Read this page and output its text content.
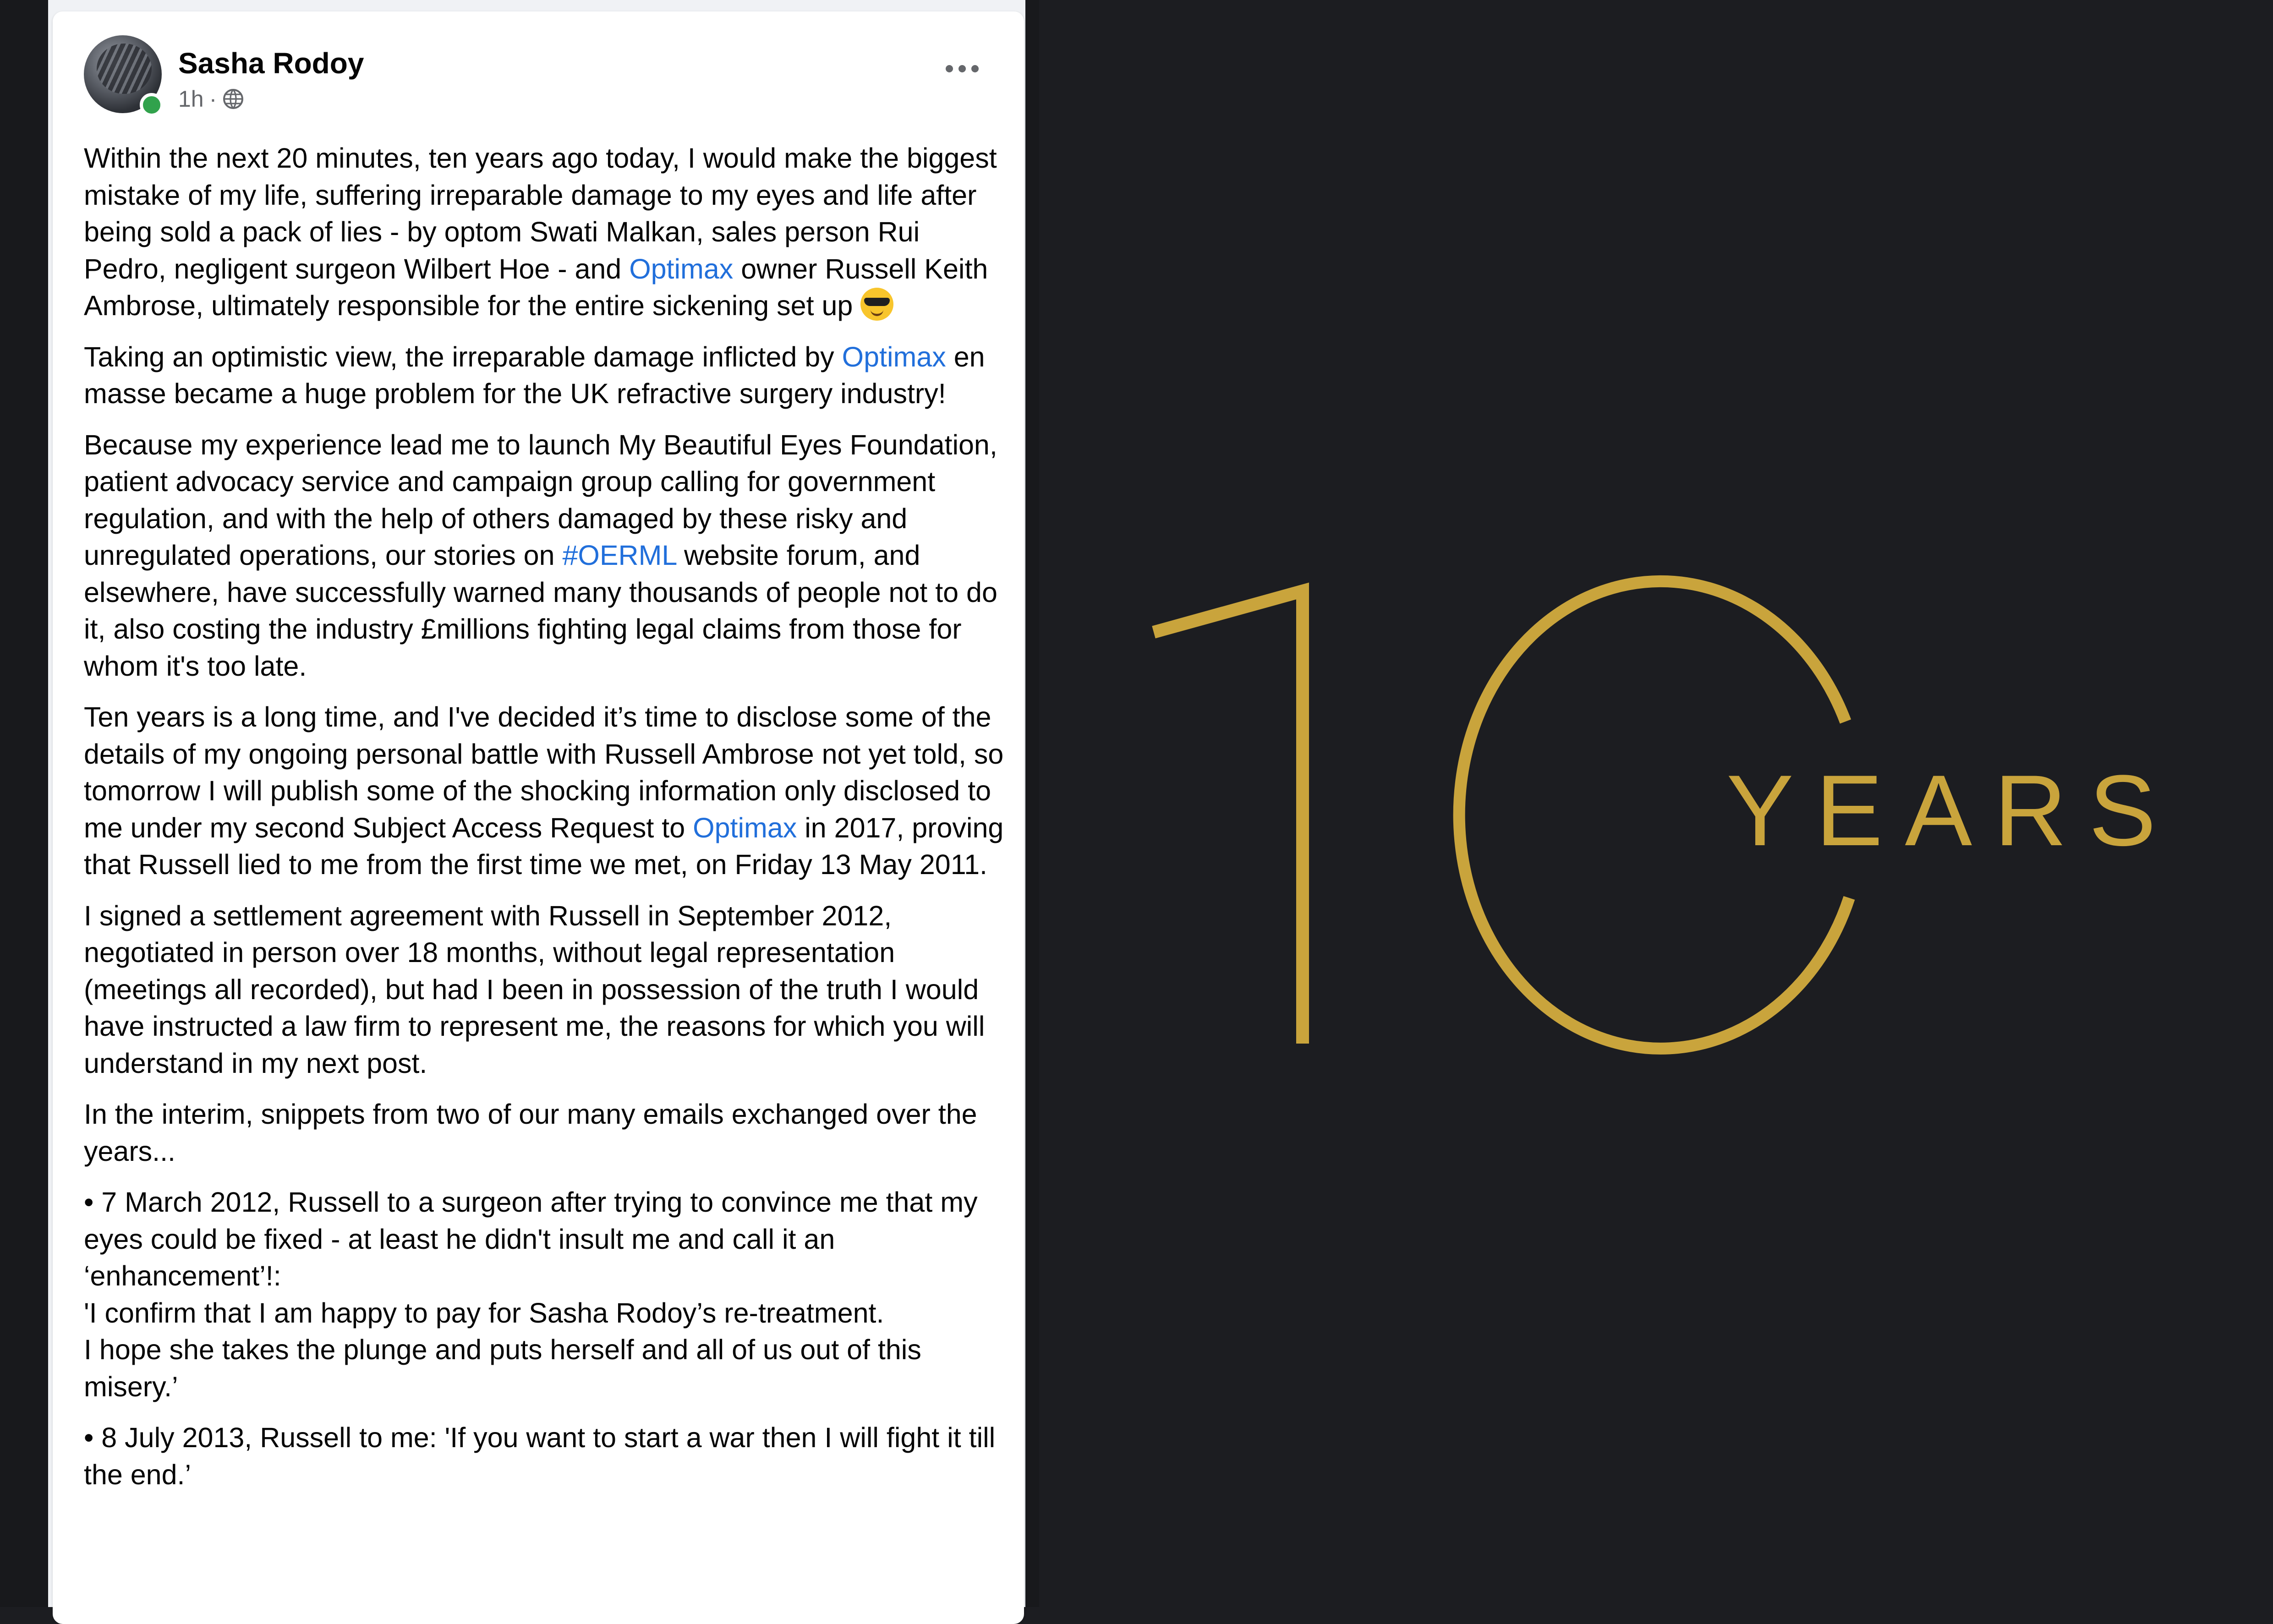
Sasha Rodoy
1h ·

Within the next 20 minutes, ten years ago today, I would make the biggest mistake of my life, suffering irreparable damage to my eyes and life after being sold a pack of lies - by optom Swati Malkan, sales person Rui Pedro, negligent surgeon Wilbert Hoe - and Optimax owner Russell Keith Ambrose, ultimately responsible for the entire sickening set up

Taking an optimistic view, the irreparable damage inflicted by Optimax en masse became a huge problem for the UK refractive surgery industry!

Because my experience lead me to launch My Beautiful Eyes Foundation, patient advocacy service and campaign group calling for government regulation, and with the help of others damaged by these risky and unregulated operations, our stories on #OERML website forum, and elsewhere, have successfully warned many thousands of people not to do it, also costing the industry £millions fighting legal claims from those for whom it's too late.

Ten years is a long time, and I've decided it’s time to disclose some of the details of my ongoing personal battle with Russell Ambrose not yet told, so tomorrow I will publish some of the shocking information only disclosed to me under my second Subject Access Request to Optimax in 2017, proving that Russell lied to me from the first time we met, on Friday 13 May 2011.

I signed a settlement agreement with Russell in September 2012, negotiated in person over 18 months, without legal representation (meetings all recorded), but had I been in possession of the truth I would have instructed a law firm to represent me, the reasons for which you will understand in my next post.

In the interim, snippets from two of our many emails exchanged over the years...

• 7 March 2012, Russell to a surgeon after trying to convince me that my eyes could be fixed - at least he didn't insult me and call it an ‘enhancement’!:
'I confirm that I am happy to pay for Sasha Rodoy’s re-treatment.
I hope she takes the plunge and puts herself and all of us out of this misery.’

• 8 July 2013, Russell to me: 'If you want to start a war then I will fight it till the end.’

YEARS
